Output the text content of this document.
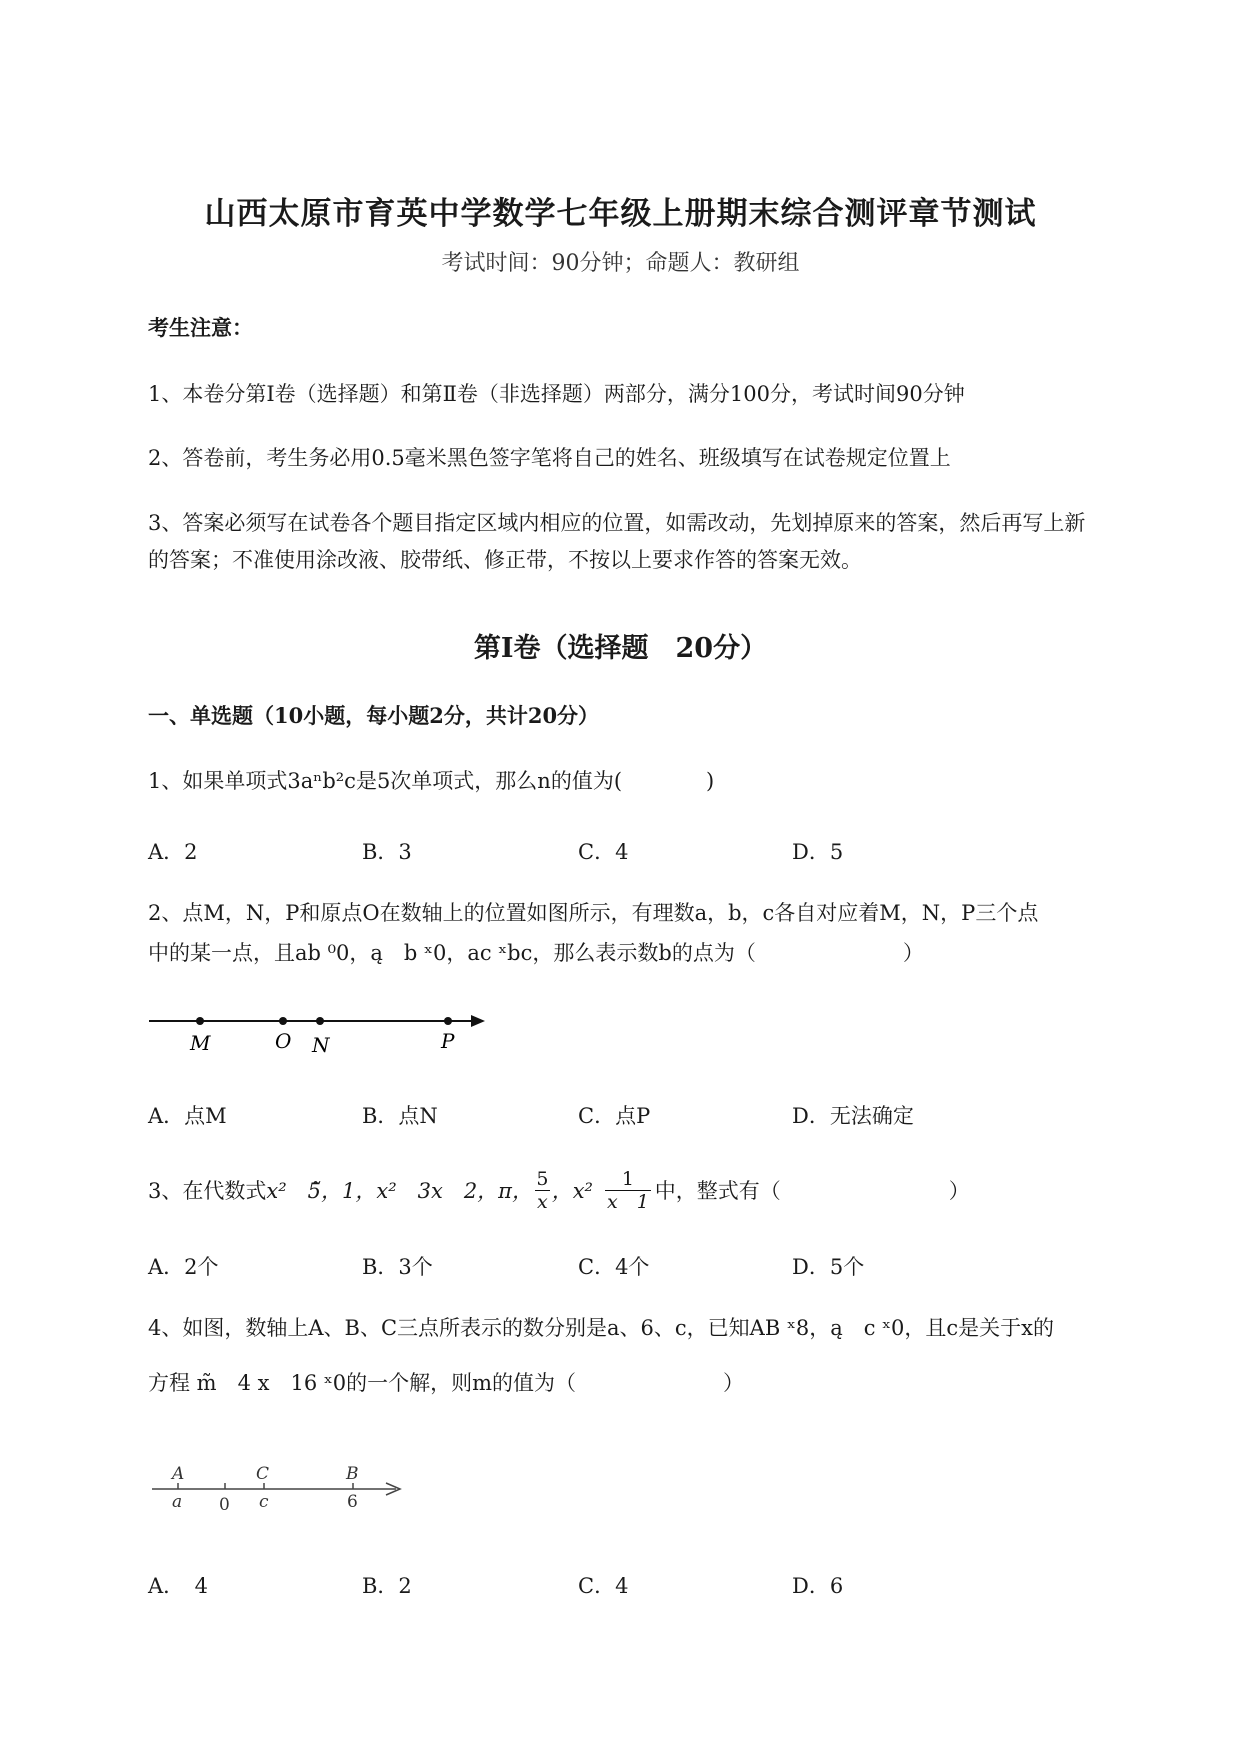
山西太原市育英中学数学七年级上册期末综合测评章节测试
考试时间：90分钟；命题人：教研组
考生注意：
1、本卷分第Ⅰ卷（选择题）和第Ⅱ卷（非选择题）两部分，满分100分，考试时间90分钟
2、答卷前，考生务必用0.5毫米黑色签字笔将自己的姓名、班级填写在试卷规定位置上
3、答案必须写在试卷各个题目指定区域内相应的位置，如需改动，先划掉原来的答案，然后再写上新
的答案；不准使用涂改液、胶带纸、修正带，不按以上要求作答的答案无效。
第Ⅰ卷（选择题　20分）
一、单选题（10小题，每小题2分，共计20分）
1、如果单项式3aⁿb²c是5次单项式，那么n的值为(　　　　)
A．2	B．3	C．4	D．5
2、点M，N，P和原点O在数轴上的位置如图所示，有理数a，b，c各自对应着M，N，P三个点
中的某一点，且ab ⁰0，ą　b ˣ0，ac ˣbc，那么表示数b的点为（　　　　　　　）
M	O N	P
A．点M	B．点N	C．点P	D．无法确定
3、在代数式 x²　5̃，1，x²　3x　2，π， $\frac{5}{x}$ ，$x^2 \frac{1}{x 1}$ 中，整式有（　　　　　　　　）
A．2个	B．3个	C．4个	D．5个
4、如图，数轴上A、B、C三点所表示的数分别是a、6、c，已知AB ˣ8，ą　c ˣ0，且c是关于x的
方程 m̃　4 x　16 ˣ0的一个解，则m的值为（　　　　　　　）
A	C	B
a 0 c	6
A．　4	B．2	C．4	D．6
